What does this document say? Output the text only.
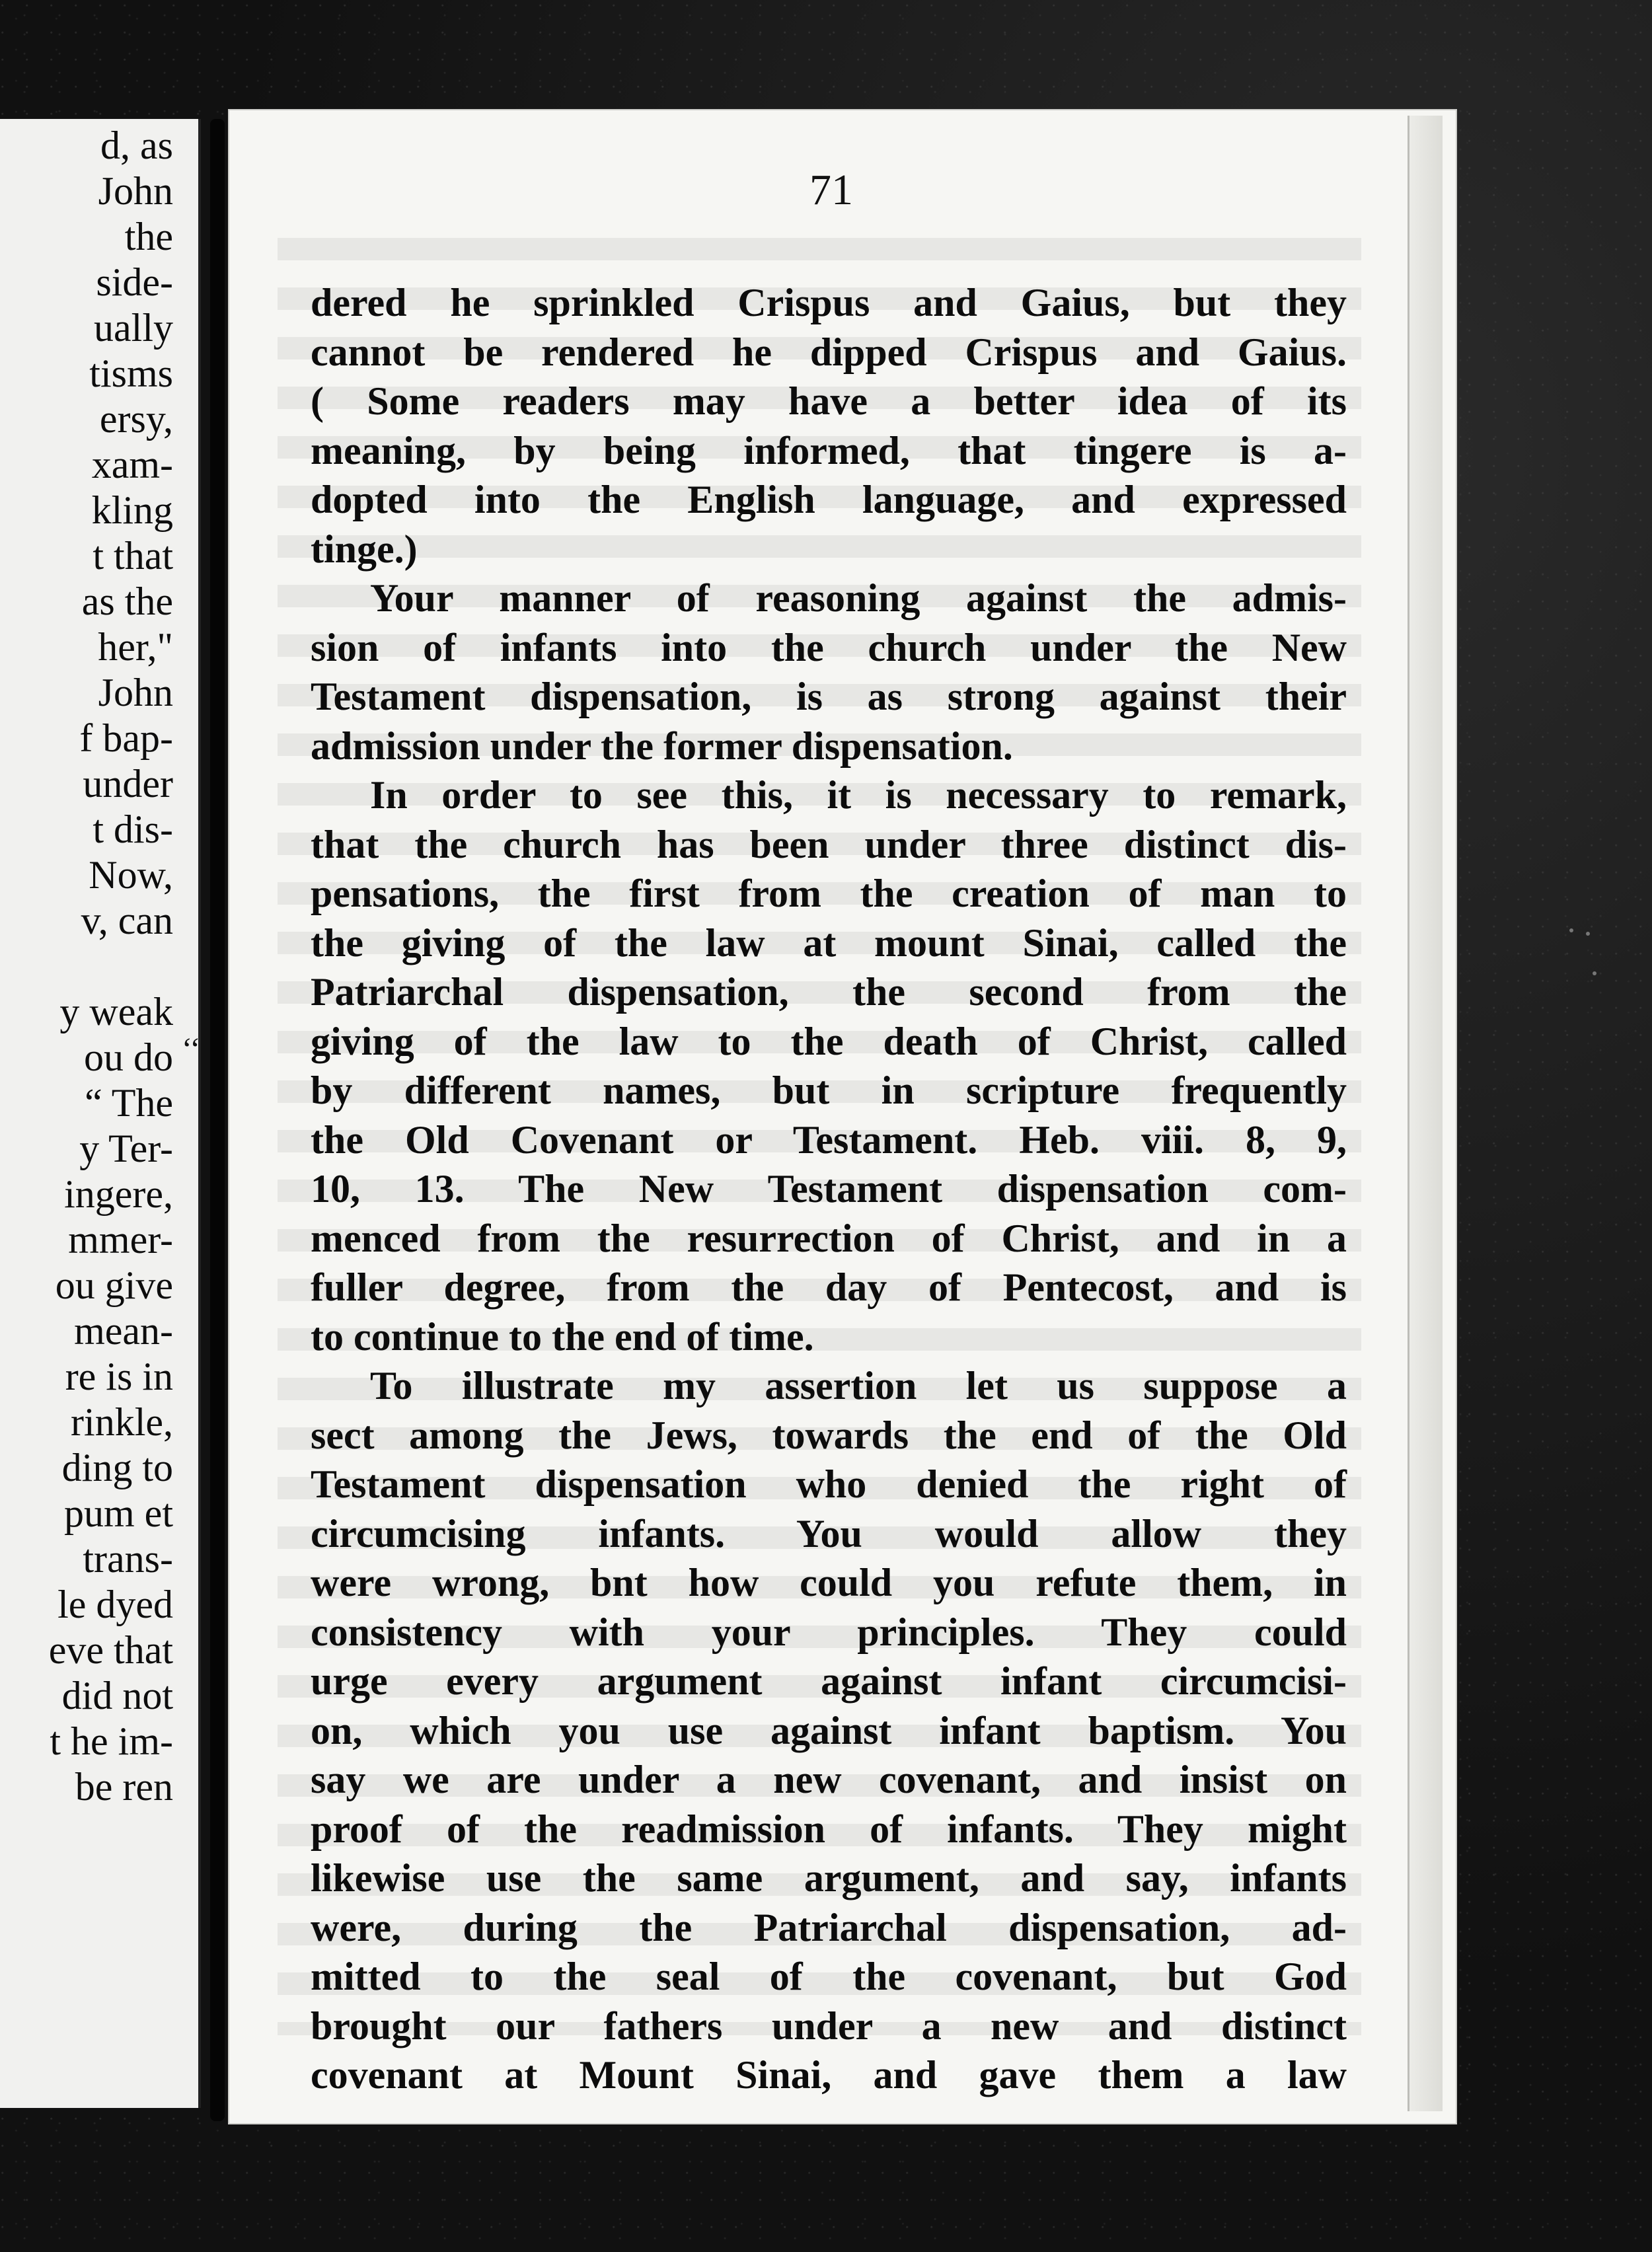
d, as
John
the
side-
ually
tisms
ersy,
xam-
kling
t that
as the
her,"
John
f bap-
under
t dis-
Now,
v, can
y weak
ou do
“ The
y Ter-
ingere,
mmer-
ou give
mean-
re is in
rinkle,
ding to
pum et
trans-
le dyed
eve that
did not
t he im-
be ren
‘‘
71
dered he sprinkled Crispus and Gaius, but they
cannot be rendered he dipped Crispus and Gaius.
( Some readers may have a better idea of its
meaning, by being informed, that tingere is a-
dopted into the English language, and expressed
tinge.)
Your manner of reasoning against the admis-
sion of infants into the church under the New
Testament dispensation, is as strong against their
admission under the former dispensation.
In order to see this, it is necessary to remark,
that the church has been under three distinct dis-
pensations, the first from the creation of man to
the giving of the law at mount Sinai, called the
Patriarchal dispensation, the second from the
giving of the law to the death of Christ, called
by different names, but in scripture frequently
the Old Covenant or Testament. Heb. viii. 8, 9,
10, 13. The New Testament dispensation com-
menced from the resurrection of Christ, and in a
fuller degree, from the day of Pentecost, and is
to continue to the end of time.
To illustrate my assertion let us suppose a
sect among the Jews, towards the end of the Old
Testament dispensation who denied the right of
circumcising infants. You would allow they
were wrong, bnt how could you refute them, in
consistency with your principles. They could
urge every argument against infant circumcisi-
on, which you use against infant baptism. You
say we are under a new covenant, and insist on
proof of the readmission of infants. They might
likewise use the same argument, and say, infants
were, during the Patriarchal dispensation, ad-
mitted to the seal of the covenant, but God
brought our fathers under a new and distinct
covenant at Mount Sinai, and gave them a law
